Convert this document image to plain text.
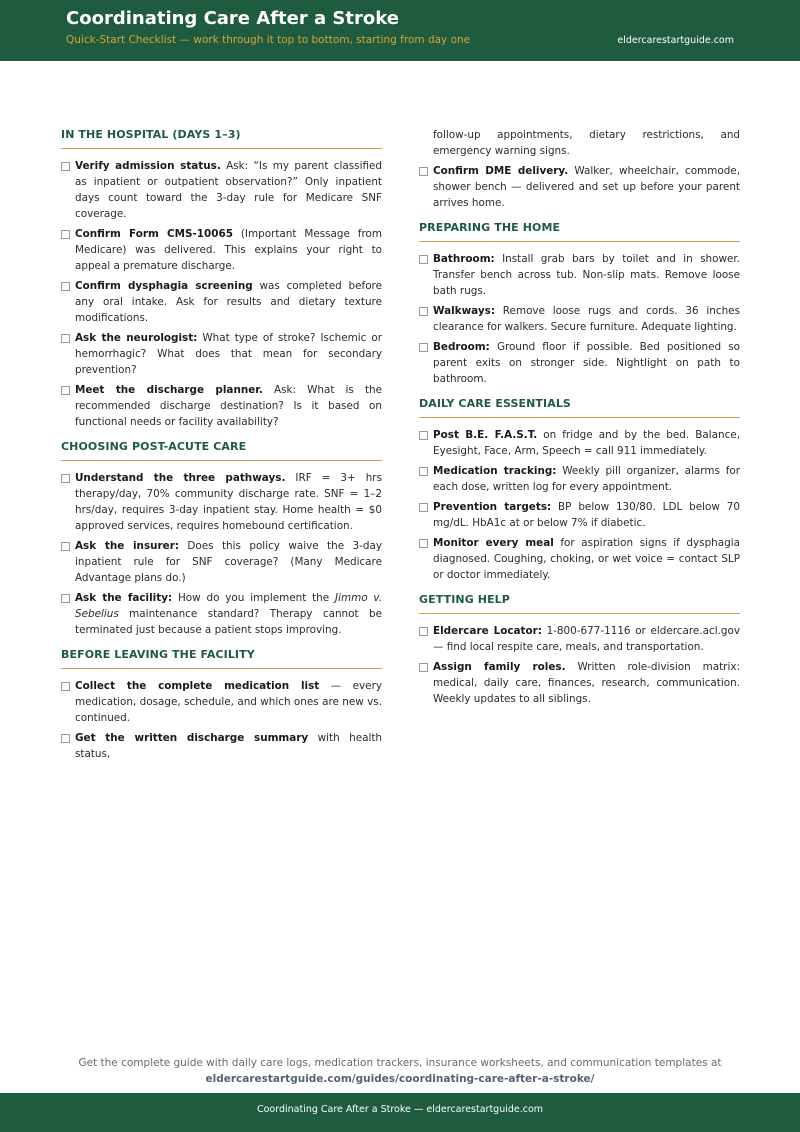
Coordinating Care After a Stroke
Quick-Start Checklist — work through it top to bottom, starting from day one	eldercarestartguide.com
IN THE HOSPITAL (DAYS 1–3)
Verify admission status. Ask: “Is my parent classified as inpatient or outpatient observation?” Only inpatient days count toward the 3-day rule for Medicare SNF coverage.
Confirm Form CMS-10065 (Important Message from Medicare) was delivered. This explains your right to appeal a premature discharge.
Confirm dysphagia screening was completed before any oral intake. Ask for results and dietary texture modifications.
Ask the neurologist: What type of stroke? Ischemic or hemorrhagic? What does that mean for secondary prevention?
Meet the discharge planner. Ask: What is the recommended discharge destination? Is it based on functional needs or facility availability?
CHOOSING POST-ACUTE CARE
Understand the three pathways. IRF = 3+ hrs therapy/day, 70% community discharge rate. SNF = 1–2 hrs/day, requires 3-day inpatient stay. Home health = $0 approved services, requires homebound certification.
Ask the insurer: Does this policy waive the 3-day inpatient rule for SNF coverage? (Many Medicare Advantage plans do.)
Ask the facility: How do you implement the Jimmo v. Sebelius maintenance standard? Therapy cannot be terminated just because a patient stops improving.
BEFORE LEAVING THE FACILITY
Collect the complete medication list — every medication, dosage, schedule, and which ones are new vs. continued.
Get the written discharge summary with health status,
follow-up appointments, dietary restrictions, and emergency warning signs.
Confirm DME delivery. Walker, wheelchair, commode, shower bench — delivered and set up before your parent arrives home.
PREPARING THE HOME
Bathroom: Install grab bars by toilet and in shower. Transfer bench across tub. Non-slip mats. Remove loose bath rugs.
Walkways: Remove loose rugs and cords. 36 inches clearance for walkers. Secure furniture. Adequate lighting.
Bedroom: Ground floor if possible. Bed positioned so parent exits on stronger side. Nightlight on path to bathroom.
DAILY CARE ESSENTIALS
Post B.E. F.A.S.T. on fridge and by the bed. Balance, Eyesight, Face, Arm, Speech = call 911 immediately.
Medication tracking: Weekly pill organizer, alarms for each dose, written log for every appointment.
Prevention targets: BP below 130/80. LDL below 70 mg/dL. HbA1c at or below 7% if diabetic.
Monitor every meal for aspiration signs if dysphagia diagnosed. Coughing, choking, or wet voice = contact SLP or doctor immediately.
GETTING HELP
Eldercare Locator: 1-800-677-1116 or eldercare.acl.gov — find local respite care, meals, and transportation.
Assign family roles. Written role-division matrix: medical, daily care, finances, research, communication. Weekly updates to all siblings.
Get the complete guide with daily care logs, medication trackers, insurance worksheets, and communication templates at
eldercarestartguide.com/guides/coordinating-care-after-a-stroke/
Coordinating Care After a Stroke — eldercarestartguide.com
